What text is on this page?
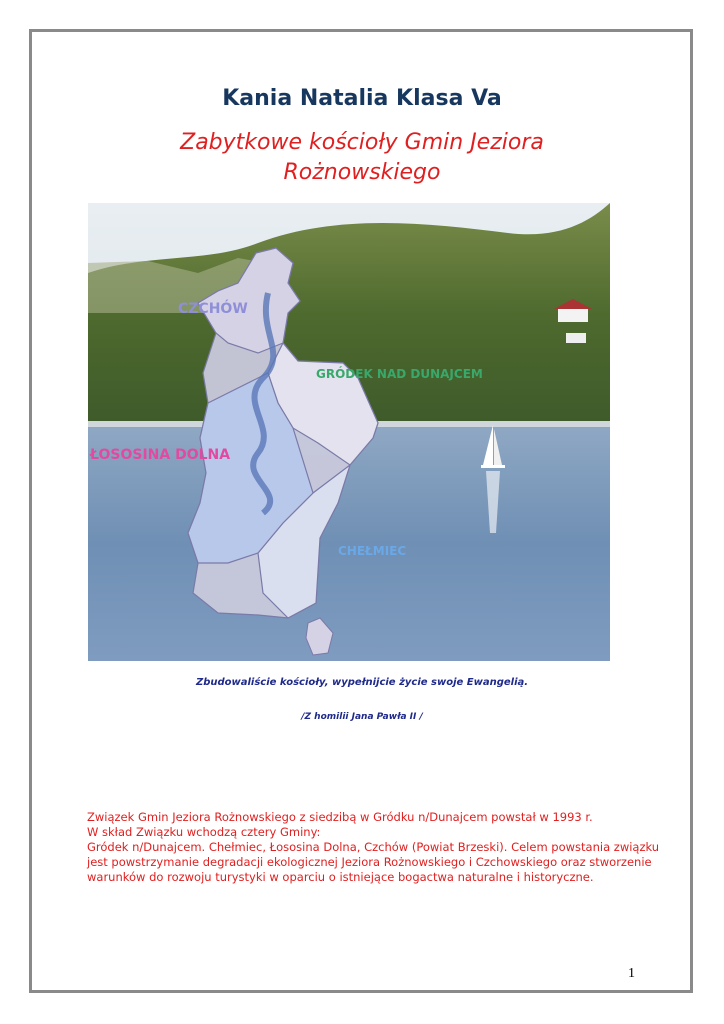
Kania Natalia Klasa Va
Zabytkowe kościoły Gmin Jeziora
Rożnowskiego
CZCHÓW
GRÓDEK NAD DUNAJCEM
ŁOSOSINA DOLNA
CHEŁMIEC
Zbudowaliście kościoły, wypełnijcie życie swoje Ewangelią.
/Z homilii Jana Pawła II /
Związek Gmin Jeziora Rożnowskiego z siedzibą w Gródku n/Dunajcem powstał w 1993 r.
W skład Związku wchodzą cztery Gminy:
Gródek n/Dunajcem. Chełmiec, Łososina Dolna, Czchów (Powiat Brzeski). Celem powstania związku
jest powstrzymanie degradacji ekologicznej Jeziora Rożnowskiego i Czchowskiego oraz stworzenie
warunków do rozwoju turystyki w oparciu o istniejące bogactwa naturalne i historyczne.
1
